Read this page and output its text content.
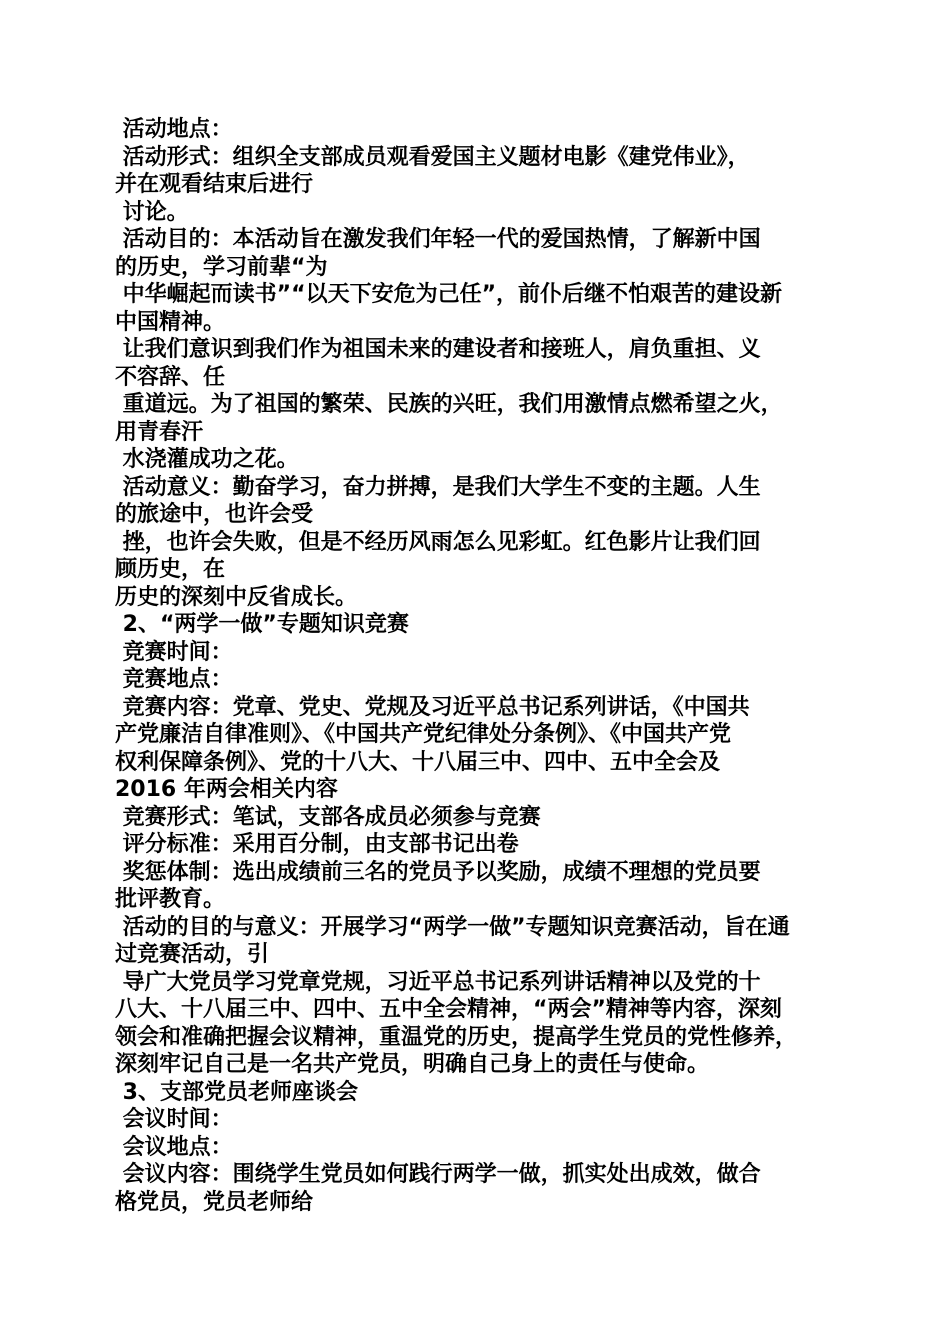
活动地点：
活动形式：组织全支部成员观看爱国主义题材电影《建党伟业》，
并在观看结束后进行
讨论。
活动目的：本活动旨在激发我们年轻一代的爱国热情，了解新中国
的历史，学习前辈“为
中华崛起而读书”“以天下安危为己任”，前仆后继不怕艰苦的建设新
中国精神。
让我们意识到我们作为祖国未来的建设者和接班人，肩负重担、义
不容辞、任
重道远。为了祖国的繁荣、民族的兴旺，我们用激情点燃希望之火，
用青春汗
水浇灌成功之花。
活动意义：勤奋学习，奋力拼搏，是我们大学生不变的主题。人生
的旅途中，也许会受
挫，也许会失败，但是不经历风雨怎么见彩虹。红色影片让我们回
顾历史，在
历史的深刻中反省成长。
2、“两学一做”专题知识竞赛
竞赛时间：
竞赛地点：
竞赛内容：党章、党史、党规及习近平总书记系列讲话，《中国共
产党廉洁自律准则》、《中国共产党纪律处分条例》、《中国共产党
权利保障条例》、党的十八大、十八届三中、四中、五中全会及
2016 年两会相关内容
竞赛形式：笔试，支部各成员必须参与竞赛
评分标准：采用百分制，由支部书记出卷
奖惩体制：选出成绩前三名的党员予以奖励，成绩不理想的党员要
批评教育。
活动的目的与意义：开展学习“两学一做”专题知识竞赛活动，旨在通
过竞赛活动，引
导广大党员学习党章党规，习近平总书记系列讲话精神以及党的十
八大、十八届三中、四中、五中全会精神，“两会”精神等内容，深刻
领会和准确把握会议精神，重温党的历史，提高学生党员的党性修养，
深刻牢记自己是一名共产党员，明确自己身上的责任与使命。
3、支部党员老师座谈会
会议时间：
会议地点：
会议内容：围绕学生党员如何践行两学一做，抓实处出成效，做合
格党员，党员老师给
